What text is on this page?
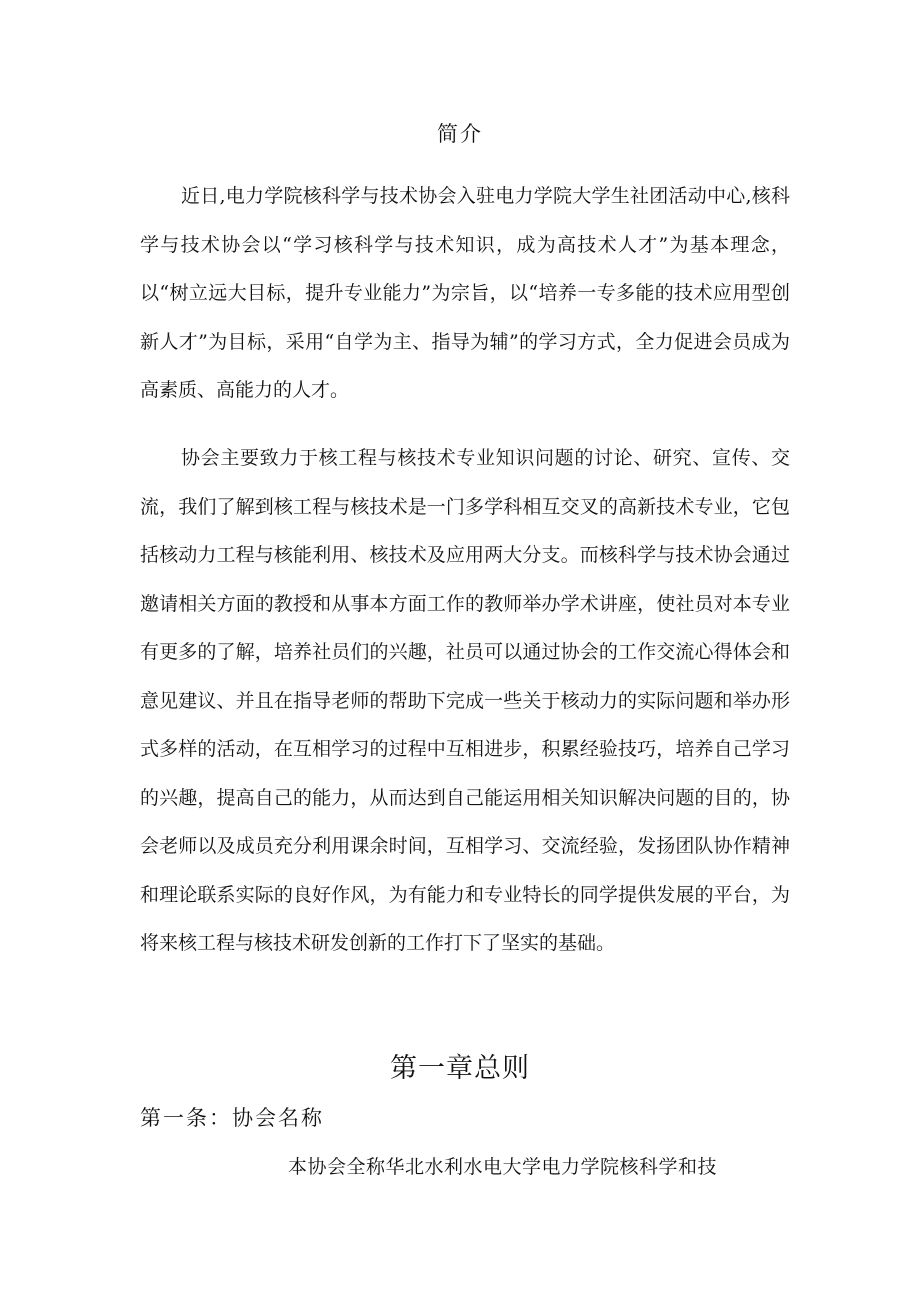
简介

近日,电力学院核科学与技术协会入驻电力学院大学生社团活动中心,核科学与技术协会以“学习核科学与技术知识，成为高技术人才”为基本理念，以“树立远大目标，提升专业能力”为宗旨，以“培养一专多能的技术应用型创新人才”为目标，采用“自学为主、指导为辅”的学习方式，全力促进会员成为高素质、高能力的人才。

协会主要致力于核工程与核技术专业知识问题的讨论、研究、宣传、交流，我们了解到核工程与核技术是一门多学科相互交叉的高新技术专业，它包括核动力工程与核能利用、核技术及应用两大分支。而核科学与技术协会通过邀请相关方面的教授和从事本方面工作的教师举办学术讲座，使社员对本专业有更多的了解，培养社员们的兴趣，社员可以通过协会的工作交流心得体会和意见建议、并且在指导老师的帮助下完成一些关于核动力的实际问题和举办形式多样的活动，在互相学习的过程中互相进步，积累经验技巧，培养自己学习的兴趣，提高自己的能力，从而达到自己能运用相关知识解决问题的目的，协会老师以及成员充分利用课余时间，互相学习、交流经验，发扬团队协作精神和理论联系实际的良好作风，为有能力和专业特长的同学提供发展的平台，为将来核工程与核技术研发创新的工作打下了坚实的基础。

第一章总则
第一条：协会名称
本协会全称华北水利水电大学电力学院核科学和技
